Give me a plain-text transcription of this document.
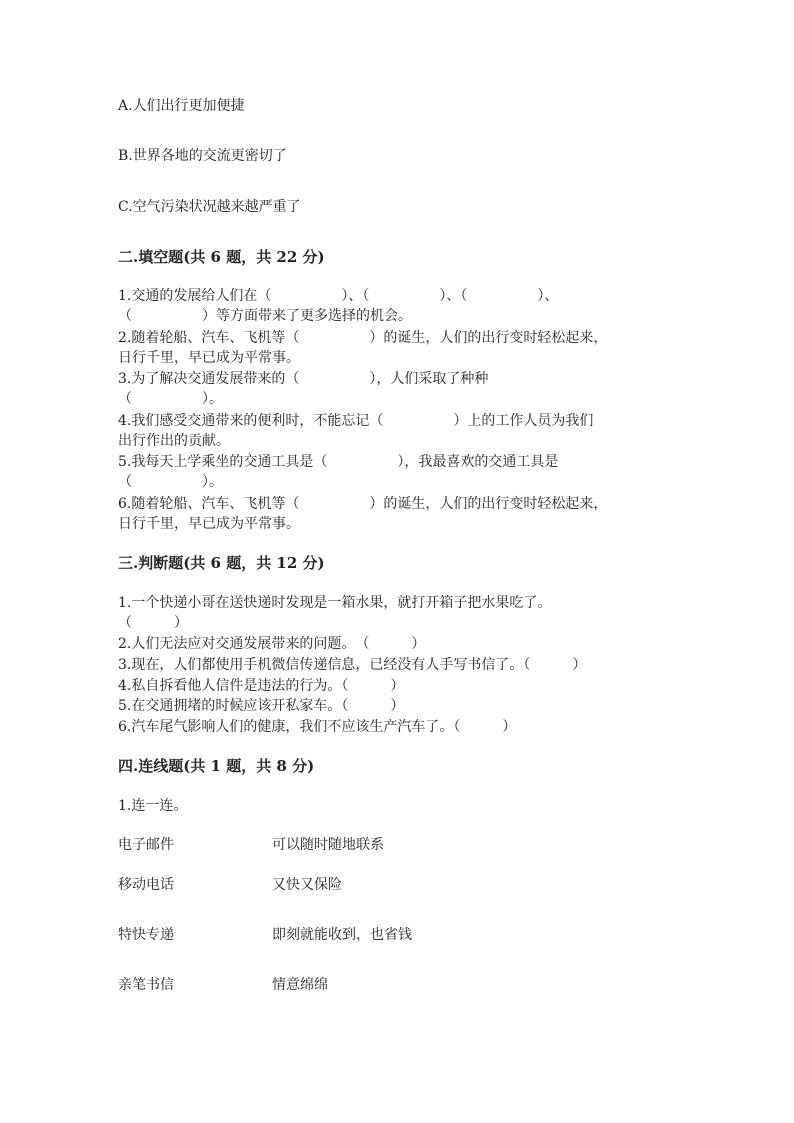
A.人们出行更加便捷
B.世界各地的交流更密切了
C.空气污染状况越来越严重了
二.填空题(共 6 题，共 22 分)
1.交通的发展给人们在（　　　　　）、（　　　　　）、（　　　　　）、
（　　　　　）等方面带来了更多选择的机会。
2.随着轮船、汽车、飞机等（　　　　　）的诞生，人们的出行变时轻松起来，
日行千里，早已成为平常事。
3.为了解决交通发展带来的（　　　　　），人们采取了种种
（　　　　　）。
4.我们感受交通带来的便利时，不能忘记（　　　　　）上的工作人员为我们
出行作出的贡献。
5.我每天上学乘坐的交通工具是（　　　　　），我最喜欢的交通工具是
（　　　　　）。
6.随着轮船、汽车、飞机等（　　　　　）的诞生，人们的出行变时轻松起来，
日行千里，早已成为平常事。
三.判断题(共 6 题，共 12 分)
1.一个快递小哥在送快递时发现是一箱水果，就打开箱子把水果吃了。
（　　　）
2.人们无法应对交通发展带来的问题。　（　　　）
3.现在，人们都使用手机微信传递信息，已经没有人手写书信了。（　　　）
4.私自拆看他人信件是违法的行为。（　　　）
5.在交通拥堵的时候应该开私家车。（　　　）
6.汽车尾气影响人们的健康，我们不应该生产汽车了。（　　　）
四.连线题(共 1 题，共 8 分)
1.连一连。
电子邮件	可以随时随地联系
移动电话	又快又保险
特快专递	即刻就能收到，也省钱
亲笔书信	情意绵绵
